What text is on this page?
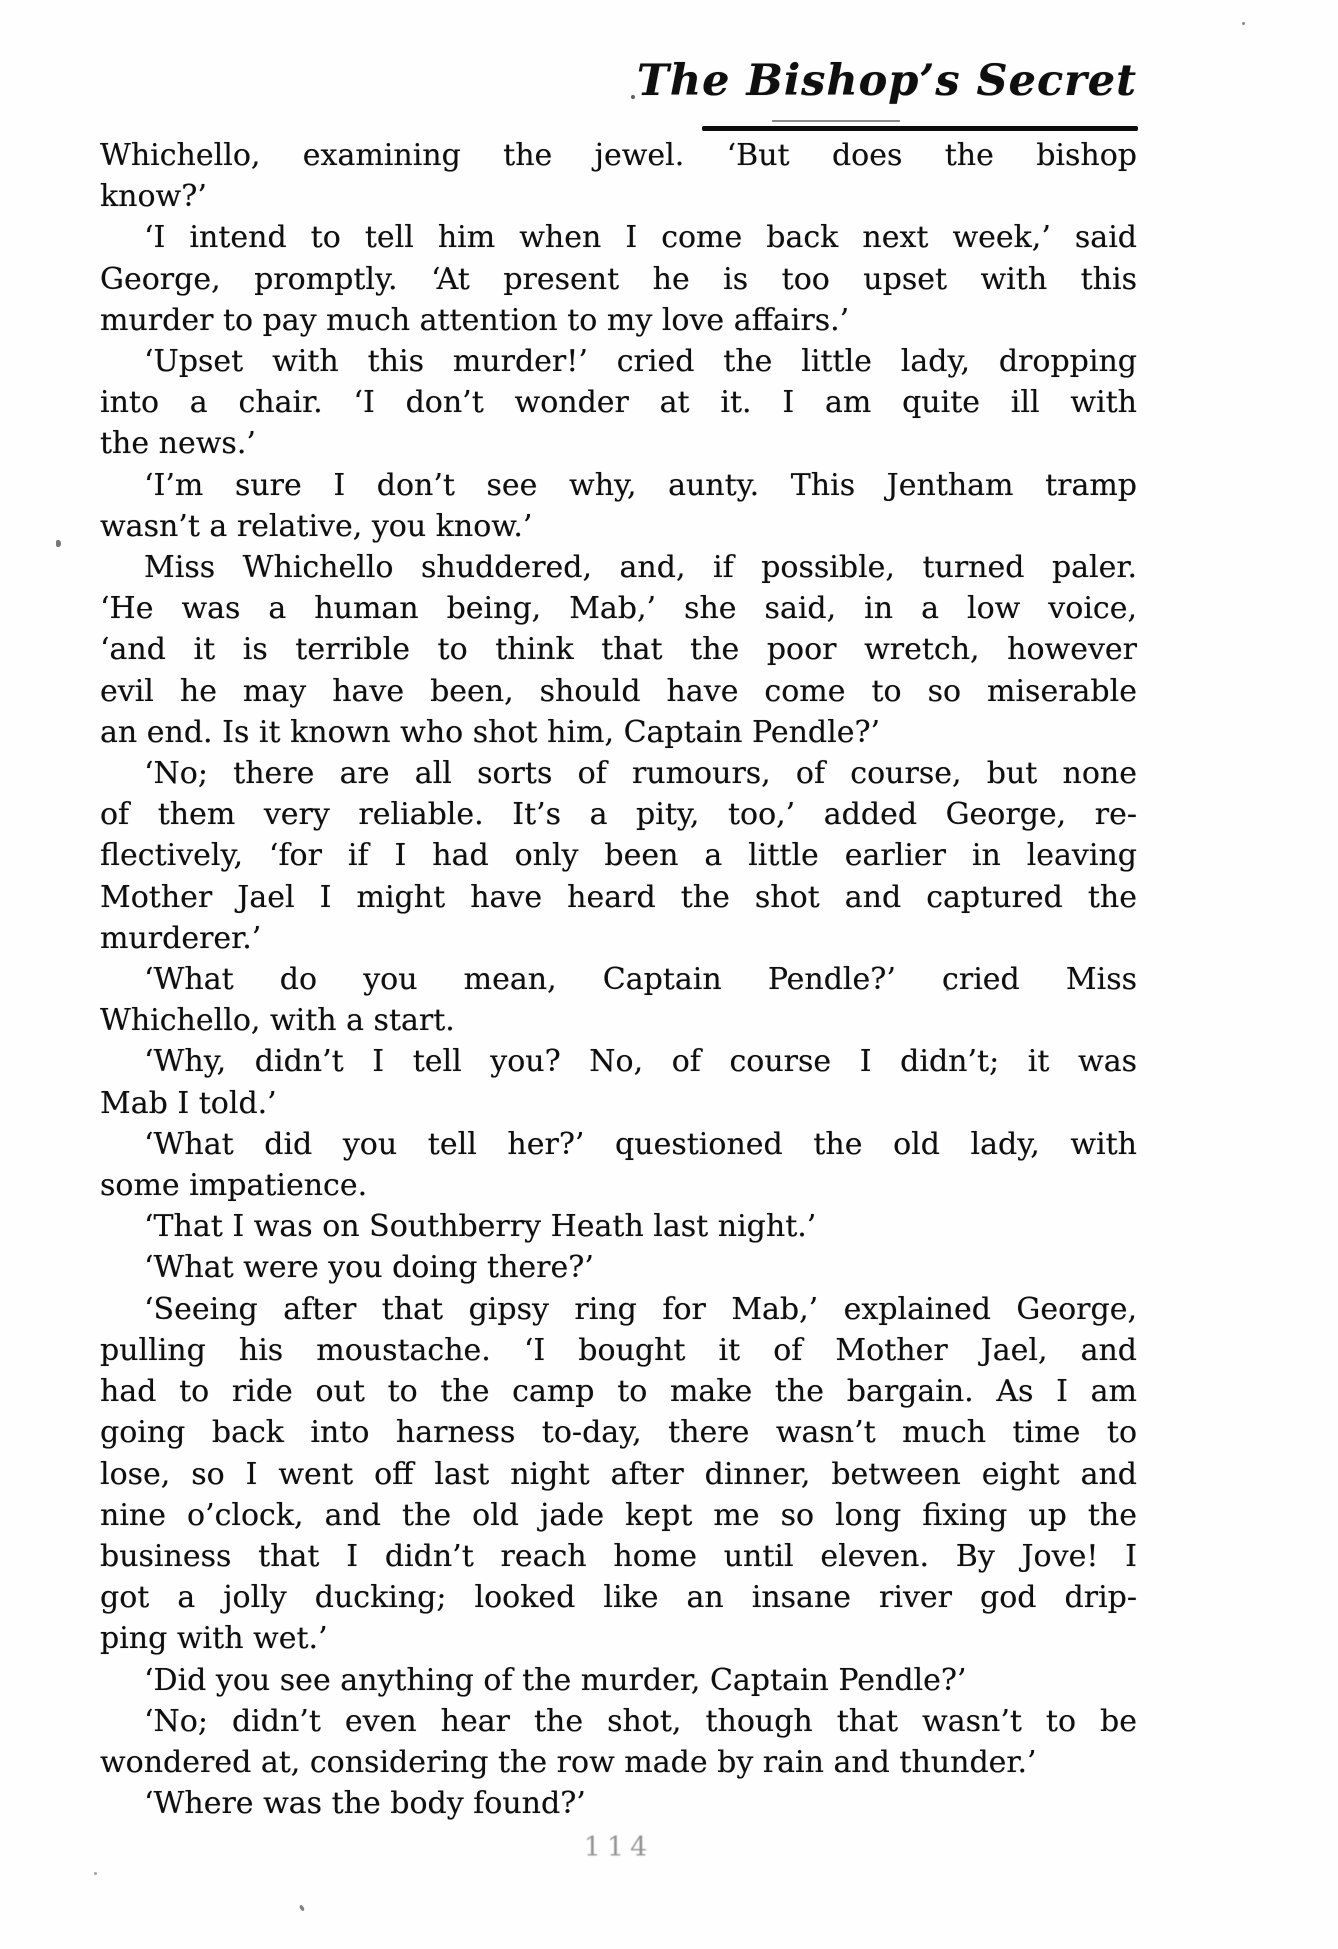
The Bishop’s Secret
Whichello, examining the jewel. ‘But does the bishop
know?’
‘I intend to tell him when I come back next week,’ said
George, promptly. ‘At present he is too upset with this
murder to pay much attention to my love affairs.’
‘Upset with this murder!’ cried the little lady, dropping
into a chair. ‘I don’t wonder at it. I am quite ill with
the news.’
‘I’m sure I don’t see why, aunty. This Jentham tramp
wasn’t a relative, you know.’
Miss Whichello shuddered, and, if possible, turned paler.
‘He was a human being, Mab,’ she said, in a low voice,
‘and it is terrible to think that the poor wretch, however
evil he may have been, should have come to so miserable
an end. Is it known who shot him, Captain Pendle?’
‘No; there are all sorts of rumours, of course, but none
of them very reliable. It’s a pity, too,’ added George, re-
flectively, ‘for if I had only been a little earlier in leaving
Mother Jael I might have heard the shot and captured the
murderer.’
‘What do you mean, Captain Pendle?’ cried Miss
Whichello, with a start.
‘Why, didn’t I tell you? No, of course I didn’t; it was
Mab I told.’
‘What did you tell her?’ questioned the old lady, with
some impatience.
‘That I was on Southberry Heath last night.’
‘What were you doing there?’
‘Seeing after that gipsy ring for Mab,’ explained George,
pulling his moustache. ‘I bought it of Mother Jael, and
had to ride out to the camp to make the bargain. As I am
going back into harness to-day, there wasn’t much time to
lose, so I went off last night after dinner, between eight and
nine o’clock, and the old jade kept me so long fixing up the
business that I didn’t reach home until eleven. By Jove! I
got a jolly ducking; looked like an insane river god drip-
ping with wet.’
‘Did you see anything of the murder, Captain Pendle?’
‘No; didn’t even hear the shot, though that wasn’t to be
wondered at, considering the row made by rain and thunder.’
‘Where was the body found?’
114
